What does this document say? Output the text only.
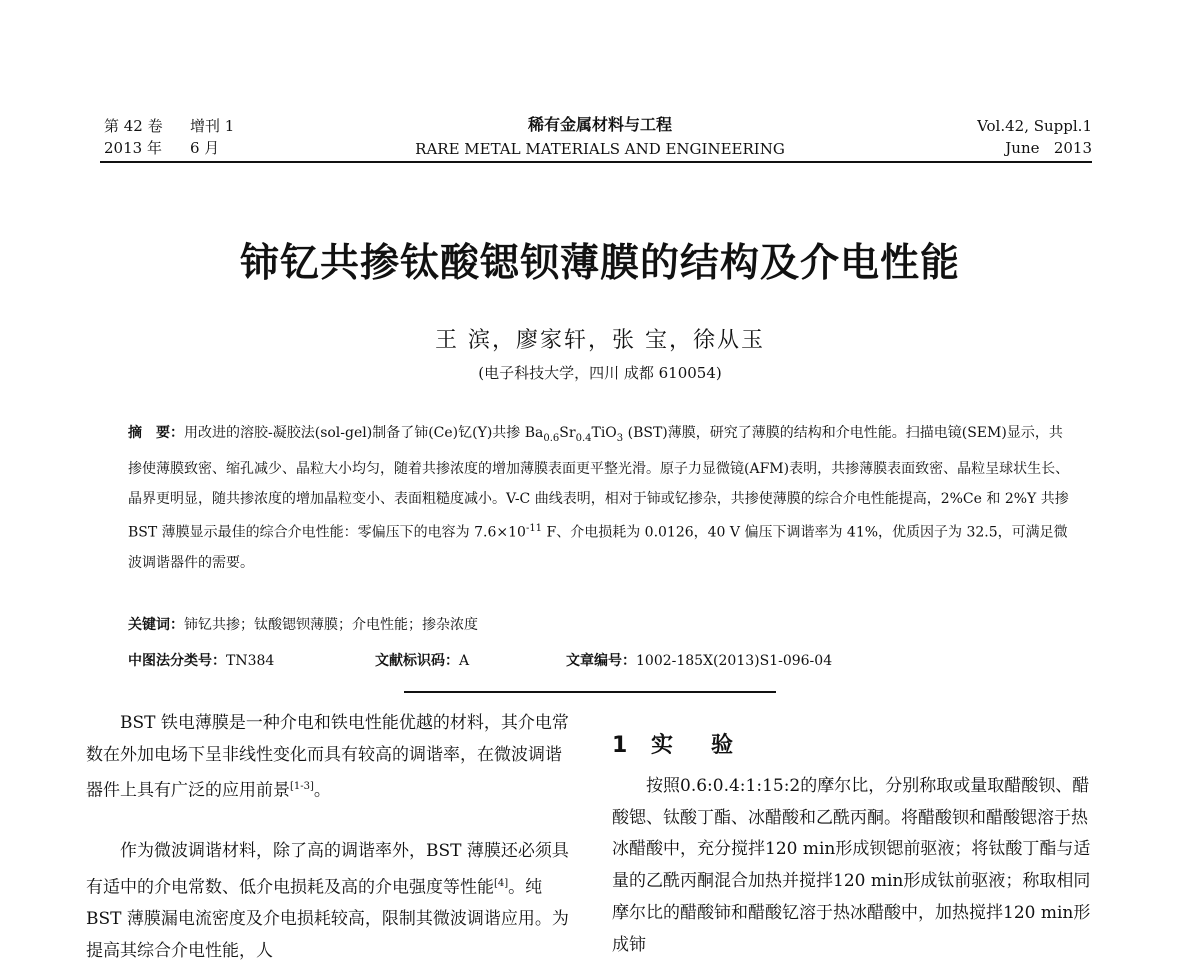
第 42 卷 增刊 1
2013 年 6 月
稀有金属材料与工程
RARE METAL MATERIALS AND ENGINEERING
Vol.42, Suppl.1
June   2013
铈钇共掺钛酸锶钡薄膜的结构及介电性能
王 滨，廖家轩，张 宝，徐从玉
(电子科技大学，四川 成都 610054)
摘　要：用改进的溶胶-凝胶法(sol-gel)制备了铈(Ce)钇(Y)共掺 $Ba_{0.6}Sr_{0.4}TiO_3$ (BST)薄膜，研究了薄膜的结构和介电性能。扫描电镜(SEM)显示，共掺使薄膜致密、缩孔减少、晶粒大小均匀，随着共掺浓度的增加薄膜表面更平整光滑。原子力显微镜(AFM)表明，共掺薄膜表面致密、晶粒呈球状生长、晶界更明显，随共掺浓度的增加晶粒变小、表面粗糙度减小。V-C 曲线表明，相对于铈或钇掺杂，共掺使薄膜的综合介电性能提高，2%Ce 和 2%Y 共掺 BST 薄膜显示最佳的综合介电性能：零偏压下的电容为 $7.6\times 10^{-11}$ F、介电损耗为 0.0126，40 V 偏压下调谐率为 41%，优质因子为 32.5，可满足微波调谐器件的需要。
关键词：铈钇共掺；钛酸锶钡薄膜；介电性能；掺杂浓度
中图法分类号：TN384	文献标识码：A	文章编号：1002-185X(2013)S1-096-04
BST 铁电薄膜是一种介电和铁电性能优越的材料，其介电常数在外加电场下呈非线性变化而具有较高的调谐率，在微波调谐器件上具有广泛的应用前景[1-3]。
作为微波调谐材料，除了高的调谐率外，BST 薄膜还必须具有适中的介电常数、低介电损耗及高的介电强度等性能[4]。纯 BST 薄膜漏电流密度及介电损耗较高，限制其微波调谐应用。为提高其综合介电性能，人
1 实　验
按照0.6:0.4:1:15:2的摩尔比，分别称取或量取醋酸钡、醋酸锶、钛酸丁酯、冰醋酸和乙酰丙酮。将醋酸钡和醋酸锶溶于热冰醋酸中，充分搅拌120 min形成钡锶前驱液；将钛酸丁酯与适量的乙酰丙酮混合加热并搅拌120 min形成钛前驱液；称取相同摩尔比的醋酸铈和醋酸钇溶于热冰醋酸中，加热搅拌120 min形成铈
